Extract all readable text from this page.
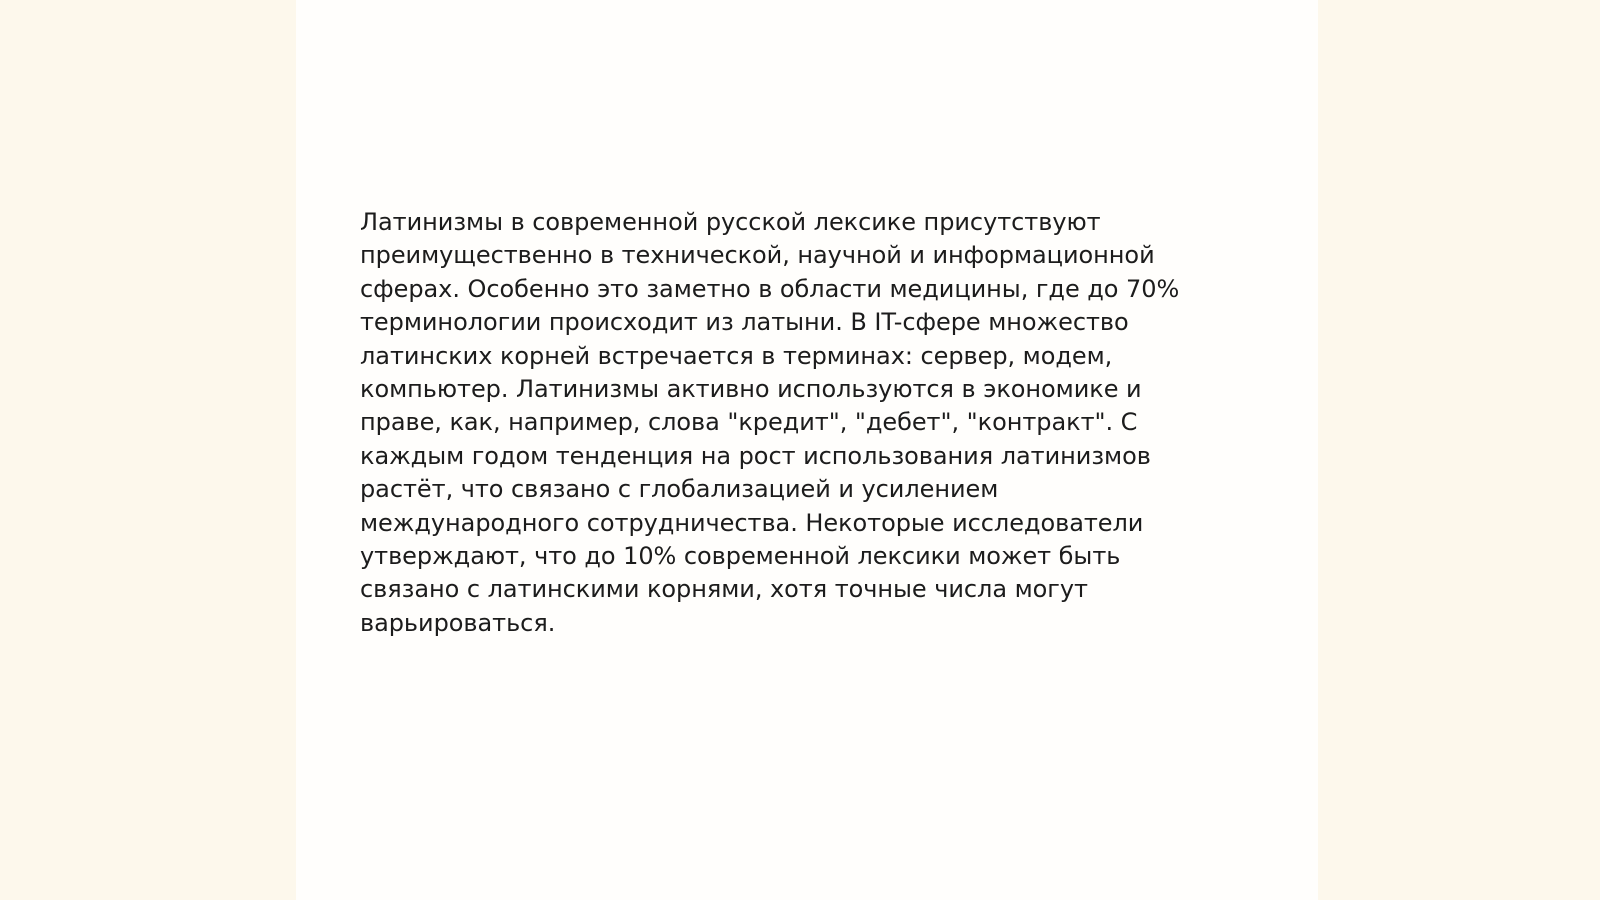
Латинизмы в современной русской лексике присутствуют
преимущественно в технической, научной и информационной
сферах. Особенно это заметно в области медицины, где до 70%
терминологии происходит из латыни. В IT-сфере множество
латинских корней встречается в терминах: сервер, модем,
компьютер. Латинизмы активно используются в экономике и
праве, как, например, слова "кредит", "дебет", "контракт". С
каждым годом тенденция на рост использования латинизмов
растёт, что связано с глобализацией и усилением
международного сотрудничества. Некоторые исследователи
утверждают, что до 10% современной лексики может быть
связано с латинскими корнями, хотя точные числа могут
варьироваться.
